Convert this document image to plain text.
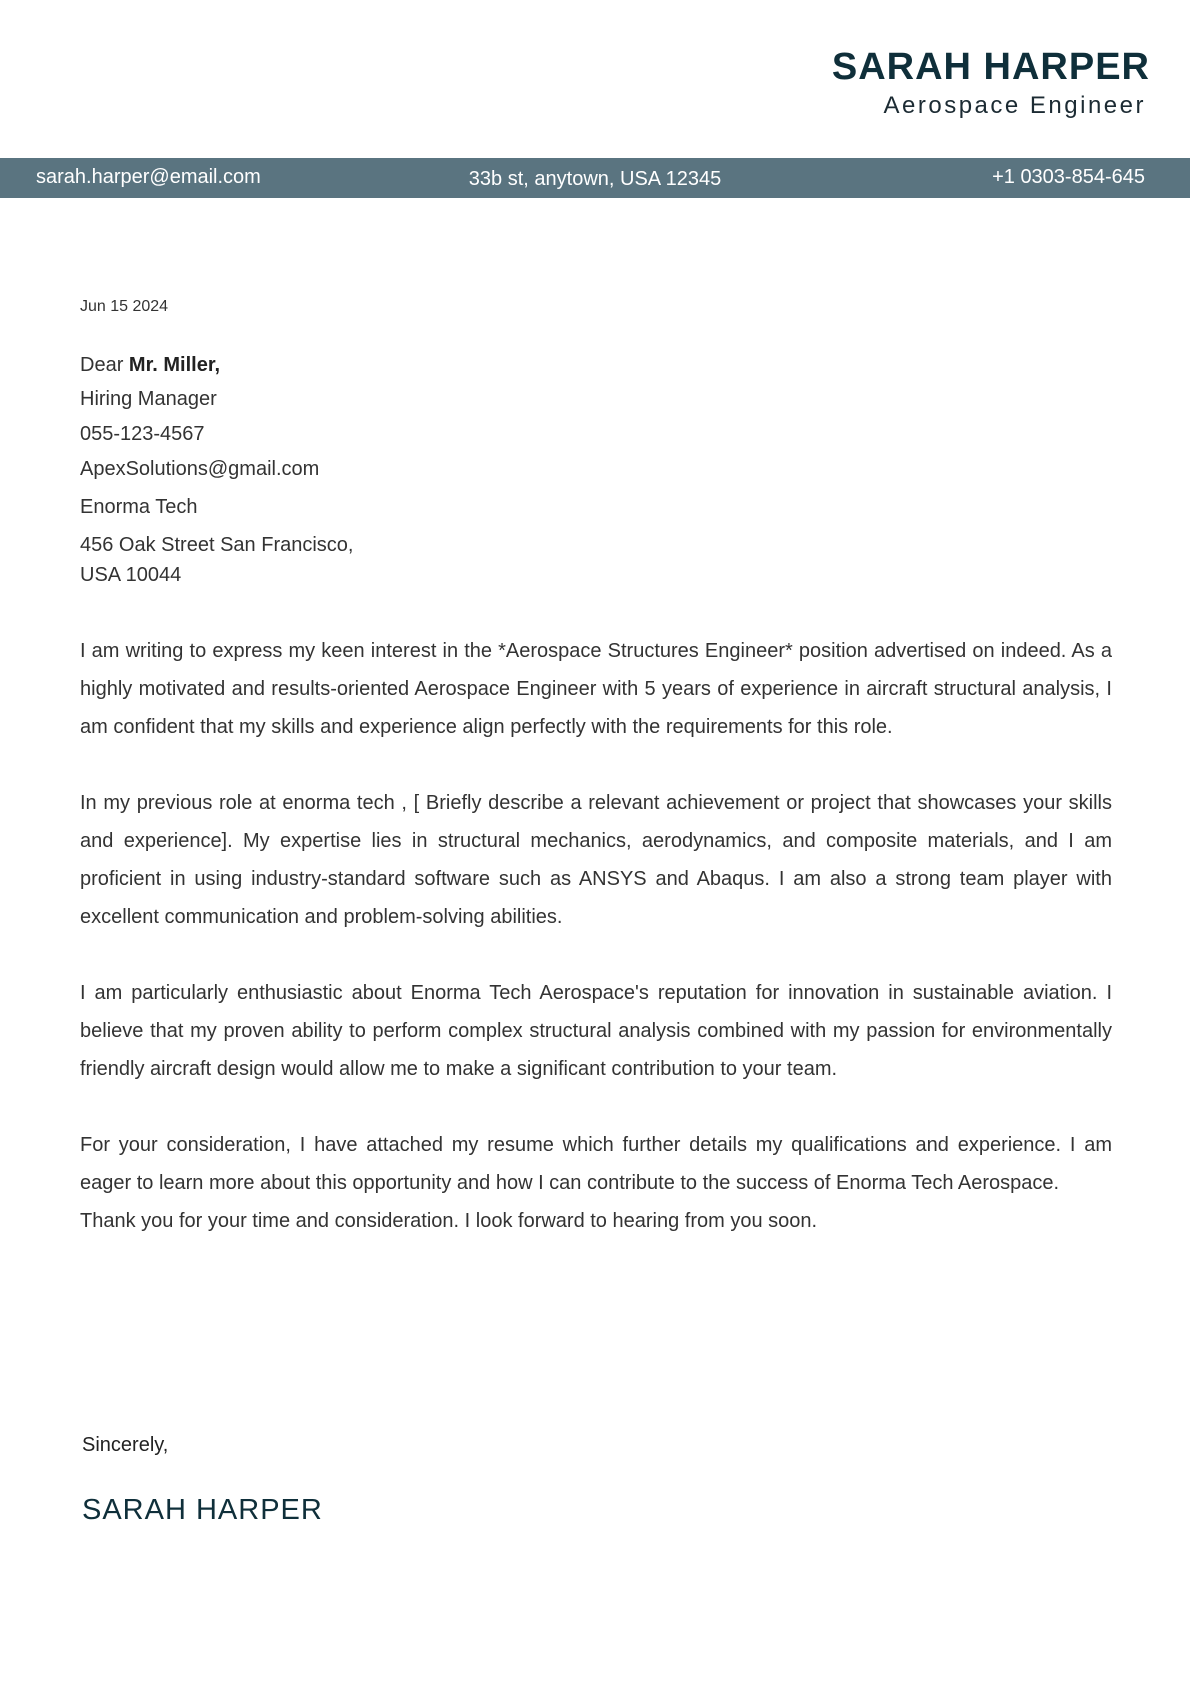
SARAH HARPER
Aerospace Engineer
sarah.harper@email.com	33b st, anytown, USA 12345	+1 0303-854-645
Jun 15 2024
Dear Mr. Miller,
Hiring Manager
055-123-4567
ApexSolutions@gmail.com
Enorma Tech
456 Oak Street San Francisco,
USA 10044

I am writing to express my keen interest in the *Aerospace Structures Engineer* position advertised on indeed. As a highly motivated and results-oriented Aerospace Engineer with 5 years of experience in aircraft structural analysis, I am confident that my skills and experience align perfectly with the requirements for this role.

In my previous role at enorma tech , [ Briefly describe a relevant achievement or project that showcases your skills and experience]. My expertise lies in structural mechanics, aerodynamics, and composite materials, and I am proficient in using industry-standard software such as ANSYS and Abaqus. I am also a strong team player with excellent communication and problem-solving abilities.

I am particularly enthusiastic about Enorma Tech Aerospace's reputation for innovation in sustainable aviation. I believe that my proven ability to perform complex structural analysis combined with my passion for environmentally friendly aircraft design would allow me to make a significant contribution to your team.

For your consideration, I have attached my resume which further details my qualifications and experience. I am eager to learn more about this opportunity and how I can contribute to the success of Enorma Tech Aerospace.

Thank you for your time and consideration. I look forward to hearing from you soon.

Sincerely,
SARAH HARPER
